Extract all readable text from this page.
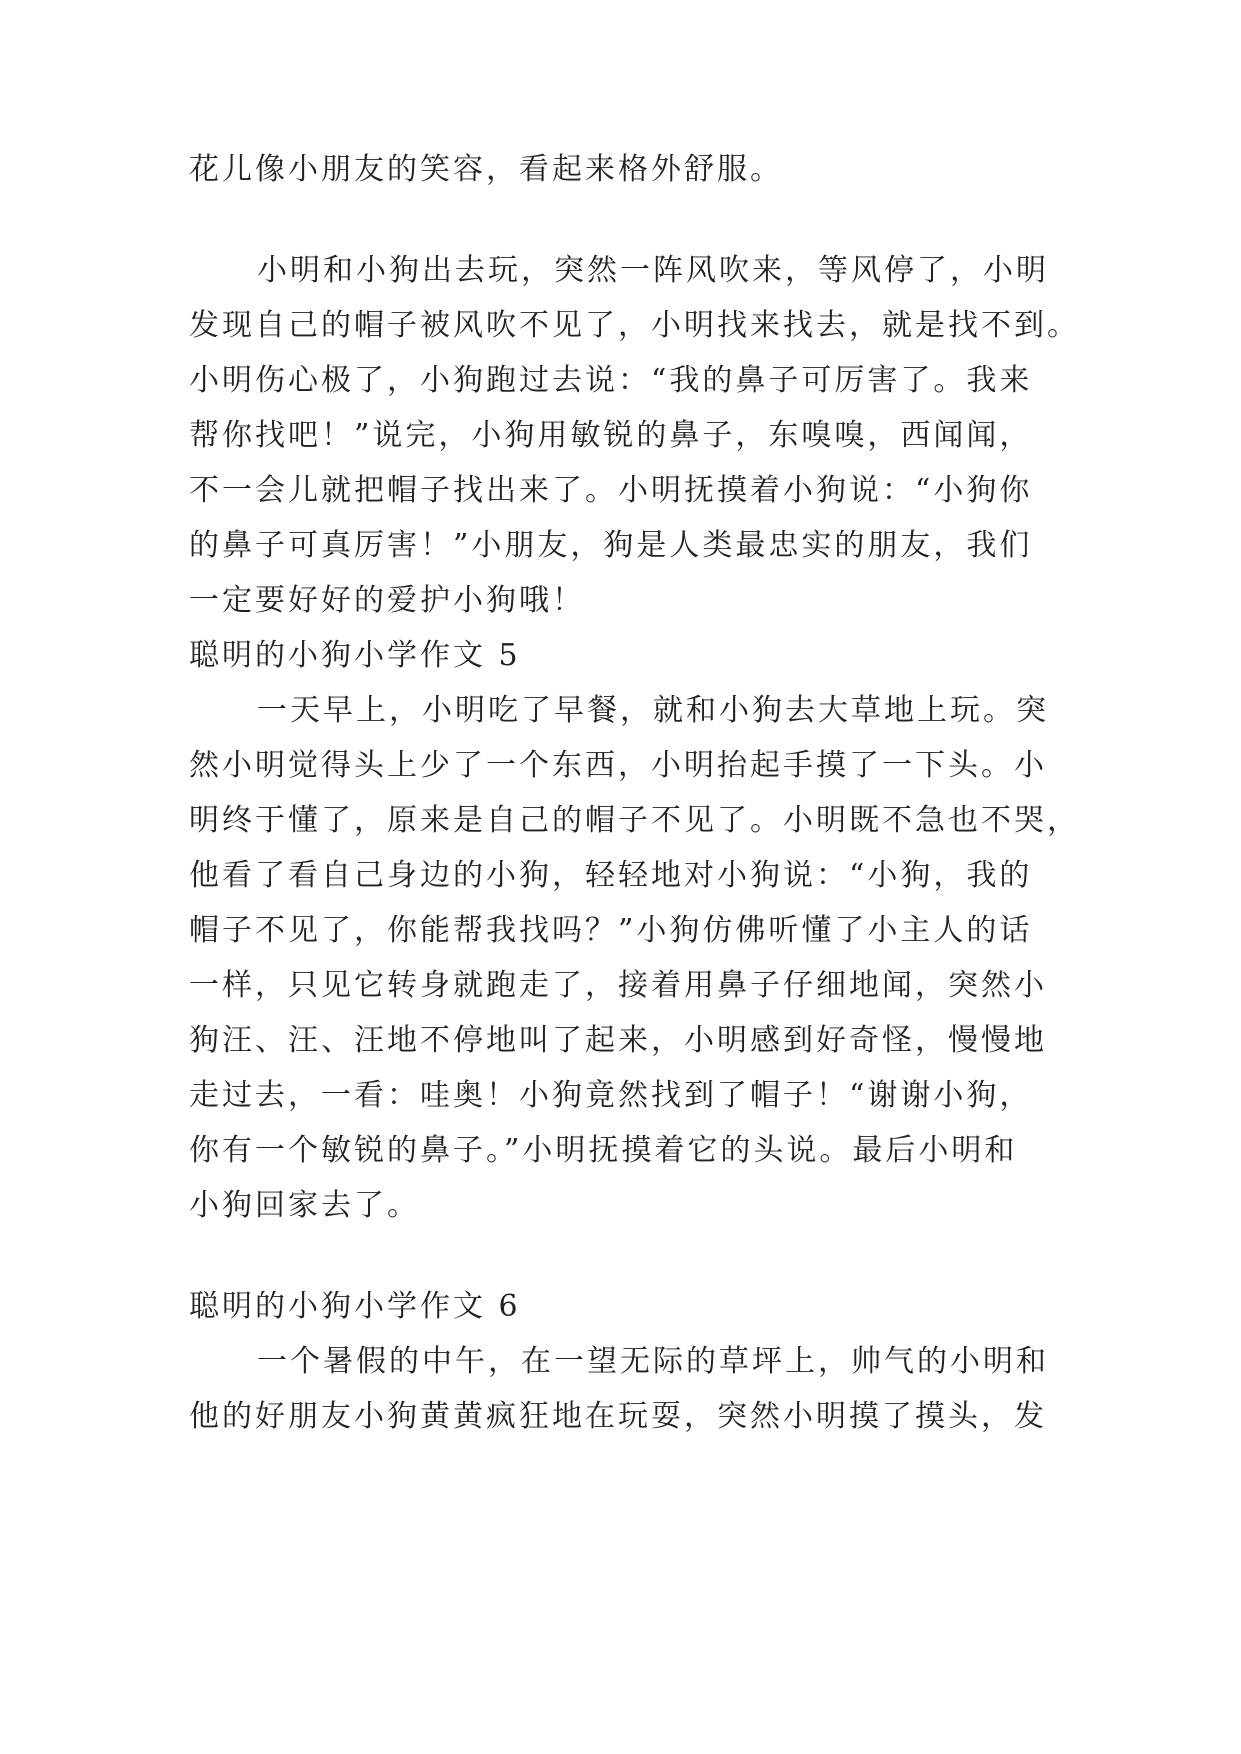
花儿像小朋友的笑容，看起来格外舒服。
小明和小狗出去玩，突然一阵风吹来，等风停了，小明
发现自己的帽子被风吹不见了，小明找来找去，就是找不到。
小明伤心极了，小狗跑过去说：“我的鼻子可厉害了。我来
帮你找吧！”说完，小狗用敏锐的鼻子，东嗅嗅，西闻闻，
不一会儿就把帽子找出来了。小明抚摸着小狗说：“小狗你
的鼻子可真厉害！”小朋友，狗是人类最忠实的朋友，我们
一定要好好的爱护小狗哦！
聪明的小狗小学作文 5
一天早上，小明吃了早餐，就和小狗去大草地上玩。突
然小明觉得头上少了一个东西，小明抬起手摸了一下头。小
明终于懂了，原来是自己的帽子不见了。小明既不急也不哭，
他看了看自己身边的小狗，轻轻地对小狗说：“小狗，我的
帽子不见了，你能帮我找吗？”小狗仿佛听懂了小主人的话
一样，只见它转身就跑走了，接着用鼻子仔细地闻，突然小
狗汪、汪、汪地不停地叫了起来，小明感到好奇怪，慢慢地
走过去，一看：哇奥！小狗竟然找到了帽子！“谢谢小狗，
你有一个敏锐的鼻子。”小明抚摸着它的头说。最后小明和
小狗回家去了。
聪明的小狗小学作文 6
一个暑假的中午，在一望无际的草坪上，帅气的小明和
他的好朋友小狗黄黄疯狂地在玩耍，突然小明摸了摸头，发
